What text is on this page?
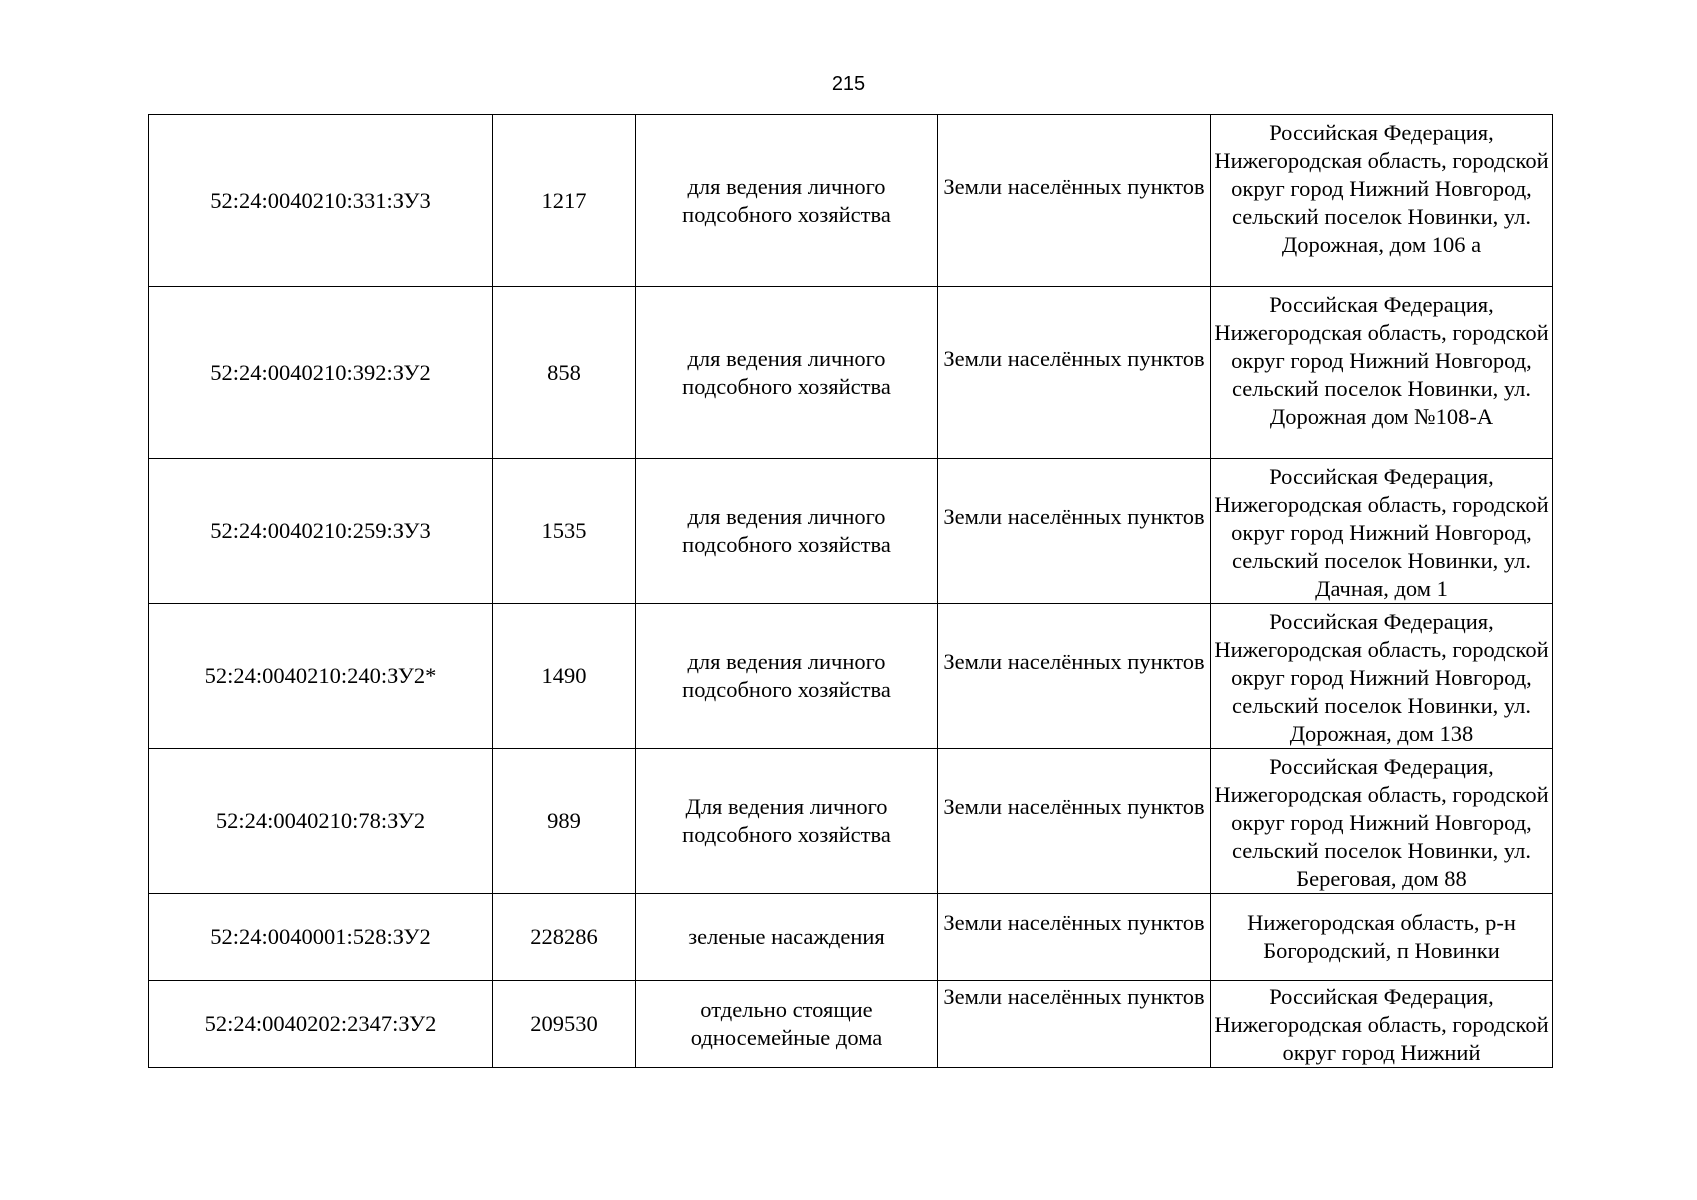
215
52:24:0040210:331:ЗУ3	1217	для ведения личного подсобного хозяйства	Земли населённых пунктов	Российская Федерация, Нижегородская область, городской округ город Нижний Новгород, сельский поселок Новинки, ул. Дорожная, дом 106 а

52:24:0040210:392:ЗУ2	858	для ведения личного подсобного хозяйства	Земли населённых пунктов	Российская Федерация, Нижегородская область, городской округ город Нижний Новгород, сельский поселок Новинки, ул. Дорожная дом №108-А

52:24:0040210:259:ЗУ3	1535	для ведения личного подсобного хозяйства	Земли населённых пунктов	Российская Федерация, Нижегородская область, городской округ город Нижний Новгород, сельский поселок Новинки, ул. Дачная, дом 1

52:24:0040210:240:ЗУ2*	1490	для ведения личного подсобного хозяйства	Земли населённых пунктов	Российская Федерация, Нижегородская область, городской округ город Нижний Новгород, сельский поселок Новинки, ул. Дорожная, дом 138

52:24:0040210:78:ЗУ2	989	Для ведения личного подсобного хозяйства	Земли населённых пунктов	Российская Федерация, Нижегородская область, городской округ город Нижний Новгород, сельский поселок Новинки, ул. Береговая, дом 88

52:24:0040001:528:ЗУ2	228286	зеленые насаждения	Земли населённых пунктов	Нижегородская область, р-н Богородский, п Новинки

52:24:0040202:2347:ЗУ2	209530	отдельно стоящие односемейные дома	Земли населённых пунктов	Российская Федерация, Нижегородская область, городской округ город Нижний
